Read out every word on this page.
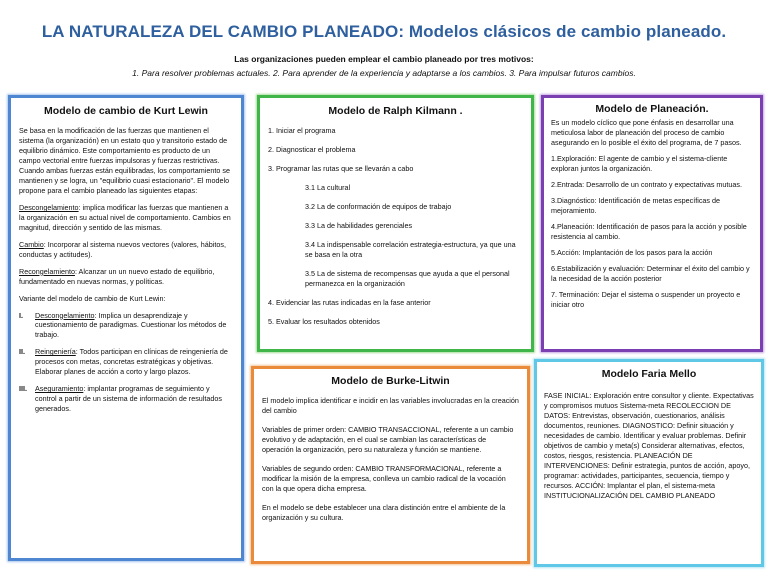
LA NATURALEZA DEL CAMBIO PLANEADO: Modelos clásicos de cambio planeado.
Las organizaciones pueden emplear el cambio planeado por tres motivos:
1. Para resolver problemas actuales. 2. Para aprender de la experiencia y adaptarse a los cambios. 3. Para impulsar futuros cambios.
Modelo de cambio de Kurt Lewin

Se basa en la modificación de las fuerzas que mantienen el sistema (la organización) en un estato quo y transitorio estado de equilibrio dinámico. Este comportamiento es producto de un campo vectorial entre fuerzas impulsoras y fuerzas restrictivas. Cuando ambas fuerzas están equilibradas, los comportamiento se mantienen y se logra, un "equilibrio cuasi estacionario". El modelo propone para el cambio planeado las siguientes etapas:

Descongelamiento: implica modificar las fuerzas que mantienen a la organización en su actual nivel de comportamiento. Cambios en magnitud, dirección y sentido de las mismas.

Cambio: Incorporar al sistema nuevos vectores (valores, hábitos, conductas y actitudes).

Recongelamiento: Alcanzar un un nuevo estado de equilibrio, fundamentado en nuevas normas, y políticas.

Variante del modelo de cambio de Kurt Lewin:

I.	Descongelamiento: Implica un desaprendizaje y cuestionamiento de paradigmas. Cuestionar los métodos de trabajo.
II.	Reingeniería: Todos participan en clínicas de reingeniería de procesos con metas, concretas estratégicas y objetivas. Elaborar planes de acción a corto y largo plazos.
III.	Aseguramiento: implantar programas de seguimiento y control a partir de un sistema de información de resultados generados.
Modelo de Ralph Kilmann .
1. Iniciar el programa
2. Diagnosticar el problema
3. Programar las rutas que se llevarán a cabo
3.1 La cultural
3.2 La de conformación de equipos de trabajo
3.3 La de habilidades gerenciales
3.4 La indispensable correlación estrategia-estructura, ya que una se basa en la otra
3.5 La de sistema de recompensas que ayuda a que el personal permanezca en la organización
4. Evidenciar las rutas indicadas en la fase anterior
5. Evaluar los resultados obtenidos
Modelo de Planeación.

Es un modelo cíclico que pone énfasis en desarrollar una meticulosa labor de planeación del proceso de cambio asegurando en lo posible el éxito del programa, de 7 pasos.

1.Exploración: El agente de cambio y el sistema-cliente exploran juntos la organización.

2.Entrada: Desarrollo de un contrato y expectativas mutuas.

3.Diagnóstico: Identificación de metas específicas de mejoramiento.

4.Planeación: Identificación de pasos para la acción y posible resistencia al cambio.

5.Acción: Implantación de los pasos para la acción

6.Estabilización y evaluación: Determinar el éxito del cambio y la necesidad de la acción posterior

7. Terminación: Dejar el sistema o suspender un proyecto e iniciar otro

Modelo de Burke-Litwin

El modelo implica identificar e incidir en las variables involucradas en la creación del cambio

Variables de primer orden: CAMBIO TRANSACCIONAL, referente a un cambio evolutivo y de adaptación, en el cual se cambian las características de operación la organización, pero su naturaleza y función se mantiene.

Variables de segundo orden: CAMBIO TRANSFORMACIONAL, referente a modificar la misión de la empresa, conlleva un cambio radical de la vocación con la que opera dicha empresa.

En el modelo se debe establecer una clara distinción entre el ambiente de la organización y su cultura.

Modelo Faria Mello
FASE INICIAL: Exploración entre consultor y cliente. Expectativas y compromisos mutuos Sistema-meta RECOLECCION DE DATOS: Entrevistas, observación, cuestionarios, análisis documentos, reuniones. DIAGNOSTICO: Definir situación y necesidades de cambio. Identificar y evaluar problemas. Definir objetivos de cambio y meta(s) Considerar alternativas, efectos, costos, riesgos, resistencia. PLANEACIÓN DE INTERVENCIONES: Definir estrategia, puntos de acción, apoyo, programar: actividades, participantes, secuencia, tiempo y recursos. ACCIÓN: Implantar el plan, el sistema-meta INSTITUCIONALIZACIÓN DEL CAMBIO PLANEADO
